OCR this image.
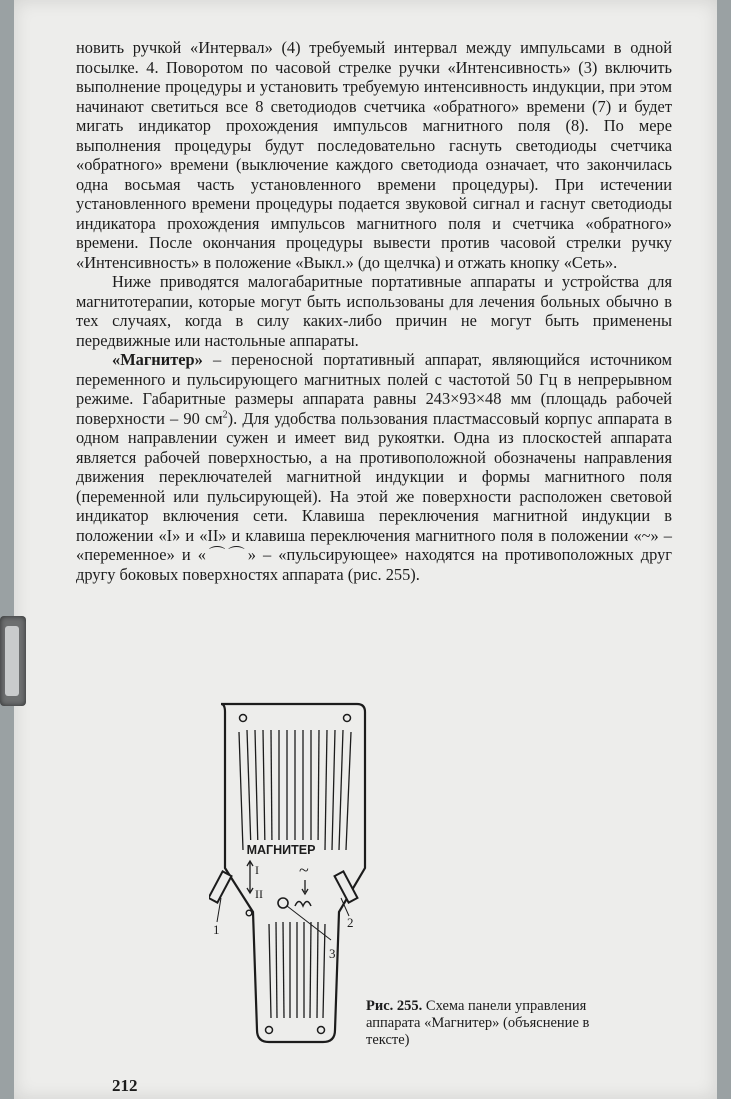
новить ручкой «Интервал» (4) требуемый интервал между импульсами в одной посылке. 4. Поворотом по часовой стрелке ручки «Интенсивность» (3) включить выполнение процедуры и установить требуемую интенсивность индукции, при этом начинают светиться все 8 светодиодов счетчика «обратного» времени (7) и будет мигать индикатор прохождения импульсов магнитного поля (8). По мере выполнения процедуры будут последовательно гаснуть светодиоды счетчика «обратного» времени (выключение каждого светодиода означает, что закончилась одна восьмая часть установленного времени процедуры). При истечении установленного времени процедуры подается звуковой сигнал и гаснут светодиоды индикатора прохождения импульсов магнитного поля и счетчика «обратного» времени. После окончания процедуры вывести против часовой стрелки ручку «Интенсивность» в положение «Выкл.» (до щелчка) и отжать кнопку «Сеть».

Ниже приводятся малогабаритные портативные аппараты и устройства для магнитотерапии, которые могут быть использованы для лечения больных обычно в тех случаях, когда в силу каких-либо причин не могут быть применены передвижные или настольные аппараты.

«Магнитер» – переносной портативный аппарат, являющийся источником переменного и пульсирующего магнитных полей с частотой 50 Гц в непрерывном режиме. Габаритные размеры аппарата равны 243×93×48 мм (площадь рабочей поверхности – 90 $см^2$). Для удобства пользования пластмассовый корпус аппарата в одном направлении сужен и имеет вид рукоятки. Одна из плоскостей аппарата является рабочей поверхностью, а на противоположной обозначены направления движения переключателей магнитной индукции и формы магнитного поля (переменной или пульсирующей). На этой же поверхности расположен световой индикатор включения сети. Клавиша переключения магнитной индукции в положении «I» и «II» и клавиша переключения магнитного поля в положении «~» – «переменное» и «⌒⌒» – «пульсирующее» находятся на противоположных друг другу боковых поверхностях аппарата (рис. 255).

МАГНИТЕР
I
II
~
1	2
3
Рис. 255. Схема панели управления аппарата «Магнитер» (объяснение в тексте)
212
